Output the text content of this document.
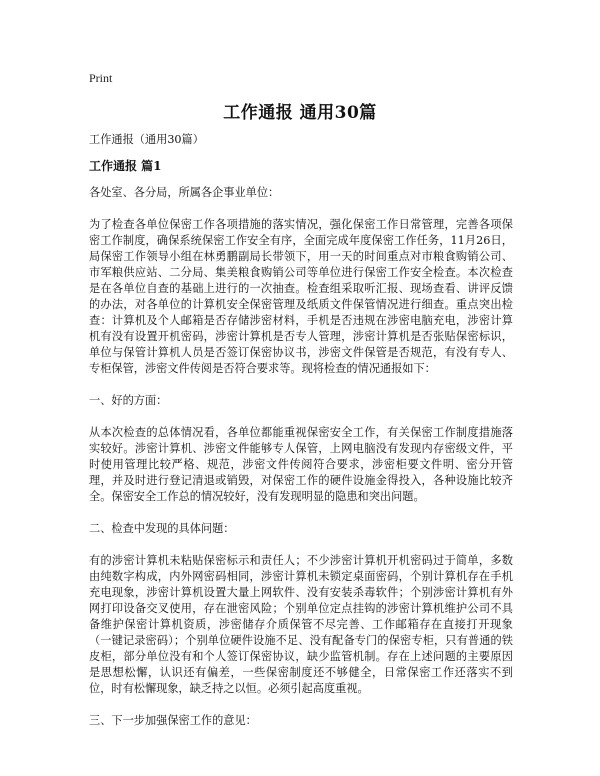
Print
工作通报 通用30篇

工作通报（通用30篇）

工作通报 篇1

各处室、各分局，所属各企事业单位：

为了检查各单位保密工作各项措施的落实情况，强化保密工作日常管理，完善各项保密工作制度，确保系统保密工作安全有序，全面完成年度保密工作任务，11月26日，局保密工作领导小组在林勇鹏副局长带领下，用一天的时间重点对市粮食购销公司、市军粮供应站、二分局、集美粮食购销公司等单位进行保密工作安全检查。本次检查是在各单位自查的基础上进行的一次抽查。检查组采取听汇报、现场查看、讲评反馈的办法，对各单位的计算机安全保密管理及纸质文件保管情况进行细查。重点突出检查：计算机及个人邮箱是否存储涉密材料，手机是否违规在涉密电脑充电，涉密计算机有没有设置开机密码，涉密计算机是否专人管理，涉密计算机是否张贴保密标识，单位与保管计算机人员是否签订保密协议书，涉密文件保管是否规范，有没有专人、专柜保管，涉密文件传阅是否符合要求等。现将检查的情况通报如下：

一、好的方面：

从本次检查的总体情况看，各单位都能重视保密安全工作，有关保密工作制度措施落实较好。涉密计算机、涉密文件能够专人保管，上网电脑没有发现内存密级文件，平时使用管理比较严格、规范，涉密文件传阅符合要求，涉密柜要文件明、密分开管理，并及时进行登记清退或销毁，对保密工作的硬件设施金得投入，各种设施比较齐全。保密安全工作总的情况较好，没有发现明显的隐患和突出问题。

二、检查中发现的具体问题：

有的涉密计算机未粘贴保密标示和责任人；不少涉密计算机开机密码过于简单，多数由纯数字构成，内外网密码相同，涉密计算机未锁定桌面密码，个别计算机存在手机充电现象，涉密计算机设置大量上网软件、没有安装杀毒软件；个别涉密计算机有外网打印设备交叉使用，存在泄密风险；个别单位定点挂钩的涉密计算机维护公司不具备维护保密计算机资质，涉密储存介质保管不尽完善、工作邮箱存在直接打开现象（一键记录密码）；个别单位硬件设施不足、没有配备专门的保密专柜，只有普通的铁皮柜，部分单位没有和个人签订保密协议，缺少监管机制。存在上述问题的主要原因是思想松懈，认识还有偏差，一些保密制度还不够健全，日常保密工作还落实不到位，时有松懈现象，缺乏持之以恒。必须引起高度重视。

三、下一步加强保密工作的意见：
